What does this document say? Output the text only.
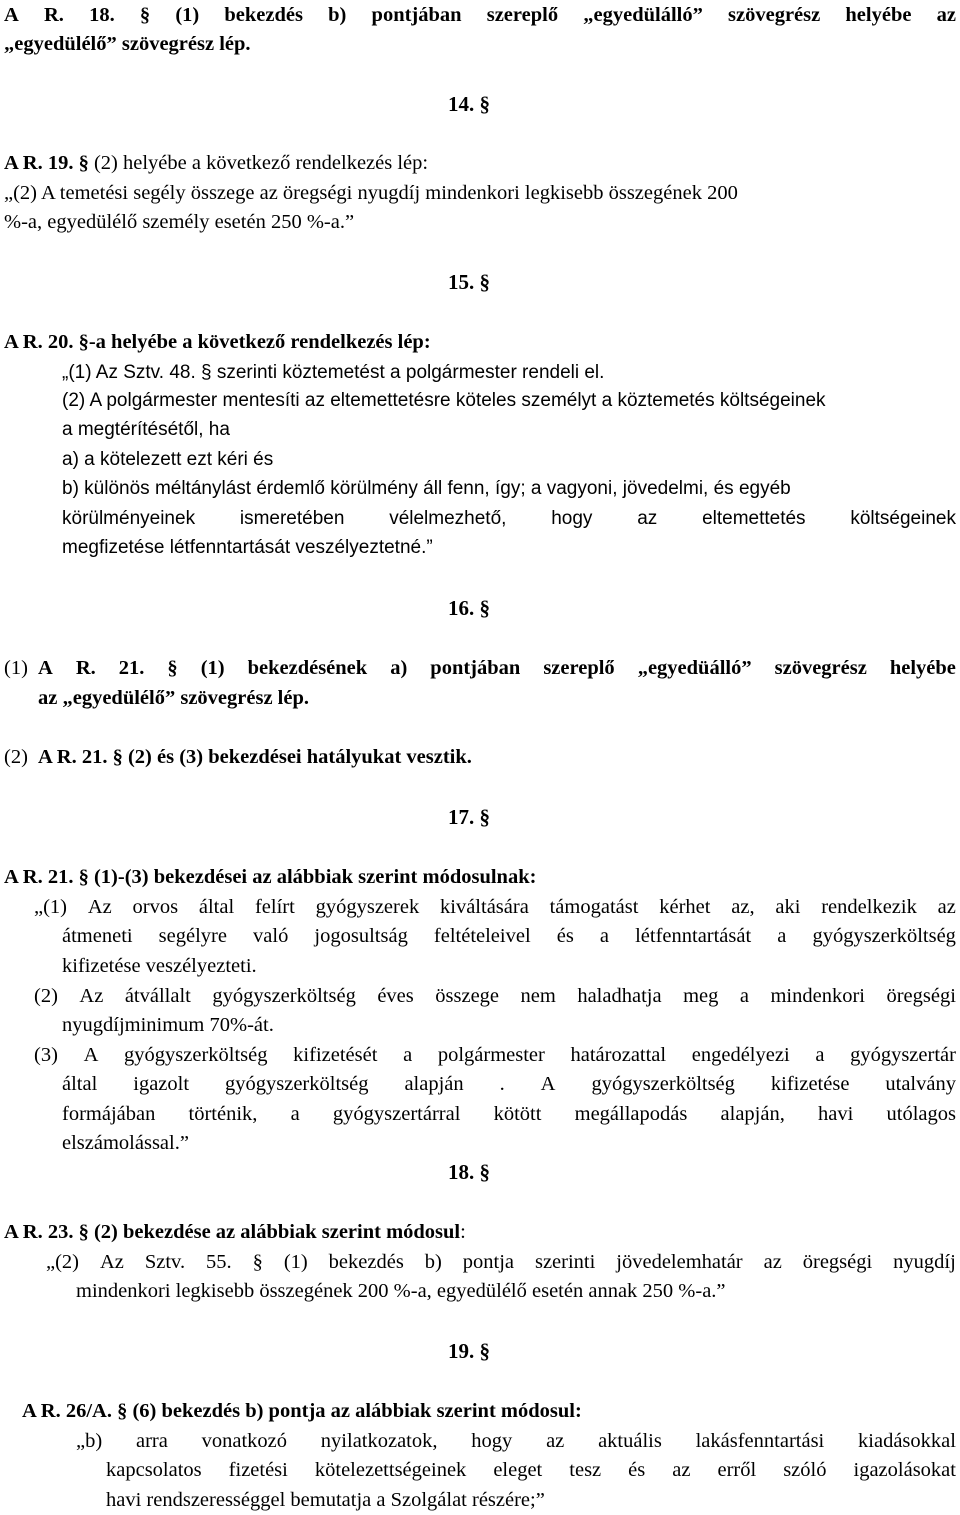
A R. 18. § (1) bekezdés b) pontjában szereplő „egyedülálló” szövegrész helyébe az
„egyedülélő” szövegrész lép.
14. §
A R. 19. § (2) helyébe a következő rendelkezés lép:
„(2) A temetési segély összege az öregségi nyugdíj mindenkori legkisebb összegének 200
%-a, egyedülélő személy esetén 250 %-a.”
15. §
A R. 20. §-a helyébe a következő rendelkezés lép:
„(1) Az Sztv. 48. § szerinti köztemetést a polgármester rendeli el.
(2) A polgármester mentesíti az eltemettetésre köteles személyt a köztemetés költségeinek
a megtérítésétől, ha
a) a kötelezett ezt kéri és
b) különös méltánylást érdemlő körülmény áll fenn, így; a vagyoni, jövedelmi, és egyéb
körülményeinek ismeretében vélelmezhető, hogy az eltemettetés költségeinek
megfizetése létfenntartását veszélyeztetné.”
16. §
(1) A R. 21. § (1) bekezdésének a) pontjában szereplő „egyedüálló” szövegrész helyébe
az „egyedülélő” szövegrész lép.
(2) A R. 21. § (2) és (3) bekezdései hatályukat vesztik.
17. §
A R. 21. § (1)-(3) bekezdései az alábbiak szerint módosulnak:
„(1) Az orvos által felírt gyógyszerek kiváltására támogatást kérhet az, aki rendelkezik az
átmeneti segélyre való jogosultság feltételeivel és a létfenntartását a gyógyszerköltség
kifizetése veszélyezteti.
(2) Az átvállalt gyógyszerköltség éves összege nem haladhatja meg a mindenkori öregségi
nyugdíjminimum 70%-át.
(3) A gyógyszerköltség kifizetését a polgármester határozattal engedélyezi a gyógyszertár
által igazolt gyógyszerköltség alapján . A gyógyszerköltség kifizetése utalvány
formájában történik, a gyógyszertárral kötött megállapodás alapján, havi utólagos
elszámolással.”
18. §
A R. 23. § (2) bekezdése az alábbiak szerint módosul:
„(2) Az Sztv. 55. § (1) bekezdés b) pontja szerinti jövedelemhatár az öregségi nyugdíj
mindenkori legkisebb összegének 200 %-a, egyedülélő esetén annak 250 %-a.”
19. §
A R. 26/A. § (6) bekezdés b) pontja az alábbiak szerint módosul:
„b) arra vonatkozó nyilatkozatok, hogy az aktuális lakásfenntartási kiadásokkal
kapcsolatos fizetési kötelezettségeinek eleget tesz és az erről szóló igazolásokat
havi rendszerességgel bemutatja a Szolgálat részére;”
